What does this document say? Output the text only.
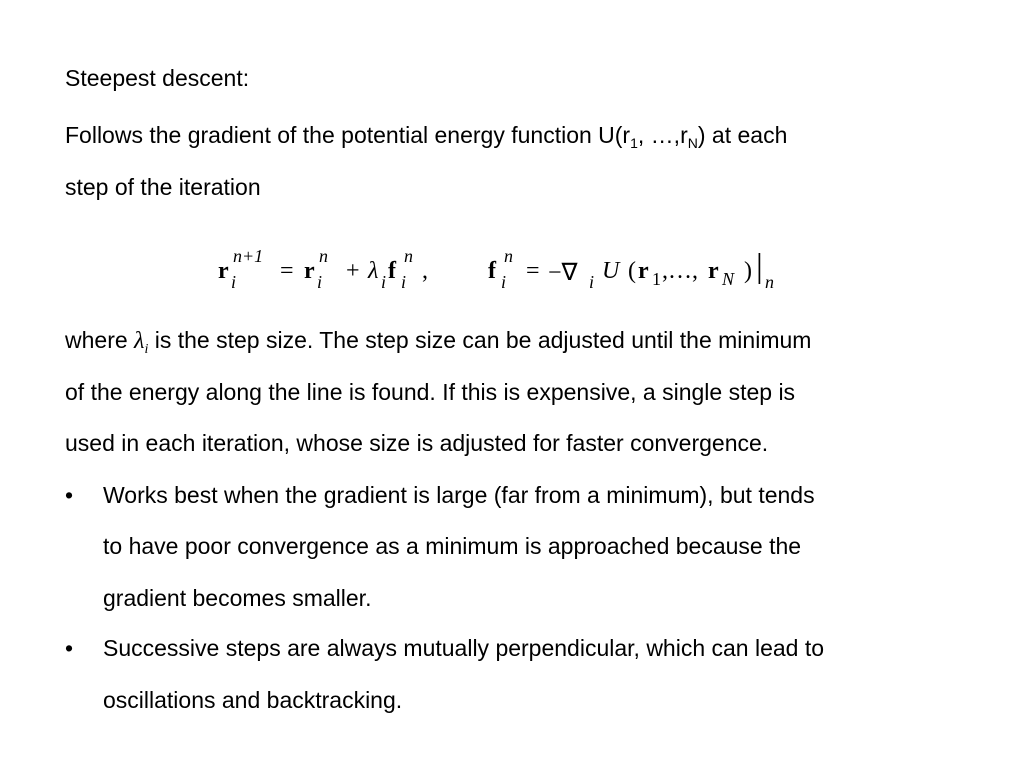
Steepest descent:
Follows the gradient of the potential energy function $U(r_1$, $\dots,r_N$) at each
step of the iteration
r
n+1
i = r
n
i + λ i f
n
i ,	f
n
i = −∇ i U ( r 1 ,…, r N ) | n
where $\lambda_i$ is the step size. The step size can be adjusted until the minimum
of the energy along the line is found. If this is expensive, a single step is
used in each iteration, whose size is adjusted for faster convergence.
• Works best when the gradient is large (far from a minimum), but tends
to have poor convergence as a minimum is approached because the
gradient becomes smaller.
• Successive steps are always mutually perpendicular, which can lead to
oscillations and backtracking.
